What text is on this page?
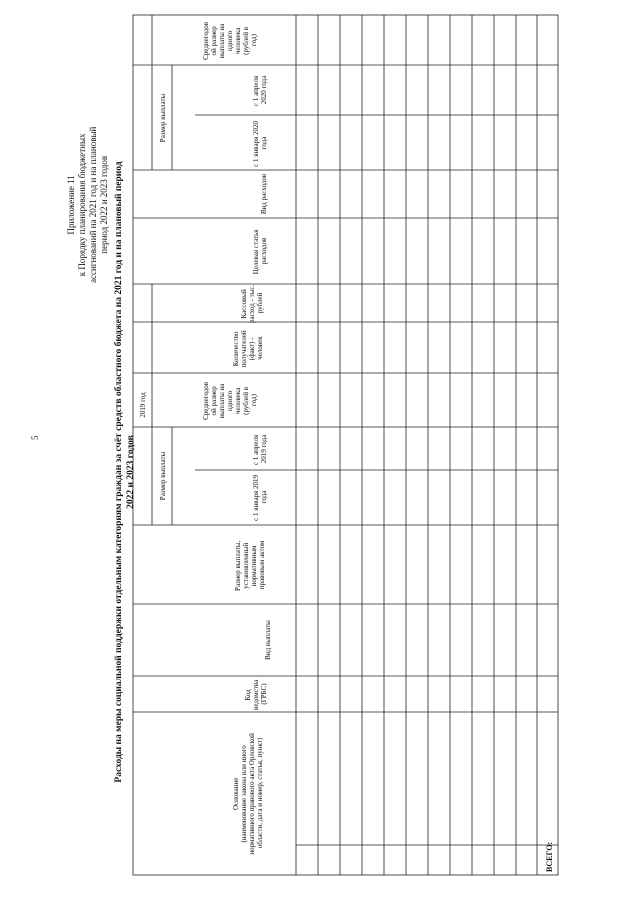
5
Приложение 11 к Порядку планирования бюджетных ассигнований на 2021 год и на плановый период 2022 и 2023 годов Расходы на меры социальной поддержки отдельным категориям граждан за счёт средств областного бюджета на 2021 год и на плановый период 2022 и 2023 годов
Основание (наименование закона или иного нормативного правового акта Орловской области, дата и номер, статья, пункт)
Код ведомства (ГРБС)
Вид выплаты
Размер выплаты, установленный нормативным правовым актом
2019 год
Размер выплаты	с 1 января 2019 года
с 1 апреля 2019 года
Среднегодов ой размер выплаты на одного человека (рублей в год)
Количество получателей (факт) - человек
Кассовый расход - тыс. рублей
Целевая статья расходов
Вид расходов
Размер выплаты
с 1 января 2020 года
с 1 апреля 2020 года
Среднегодов ой размер выплаты на одного человека (рублей в год)
ВСЕГО:
